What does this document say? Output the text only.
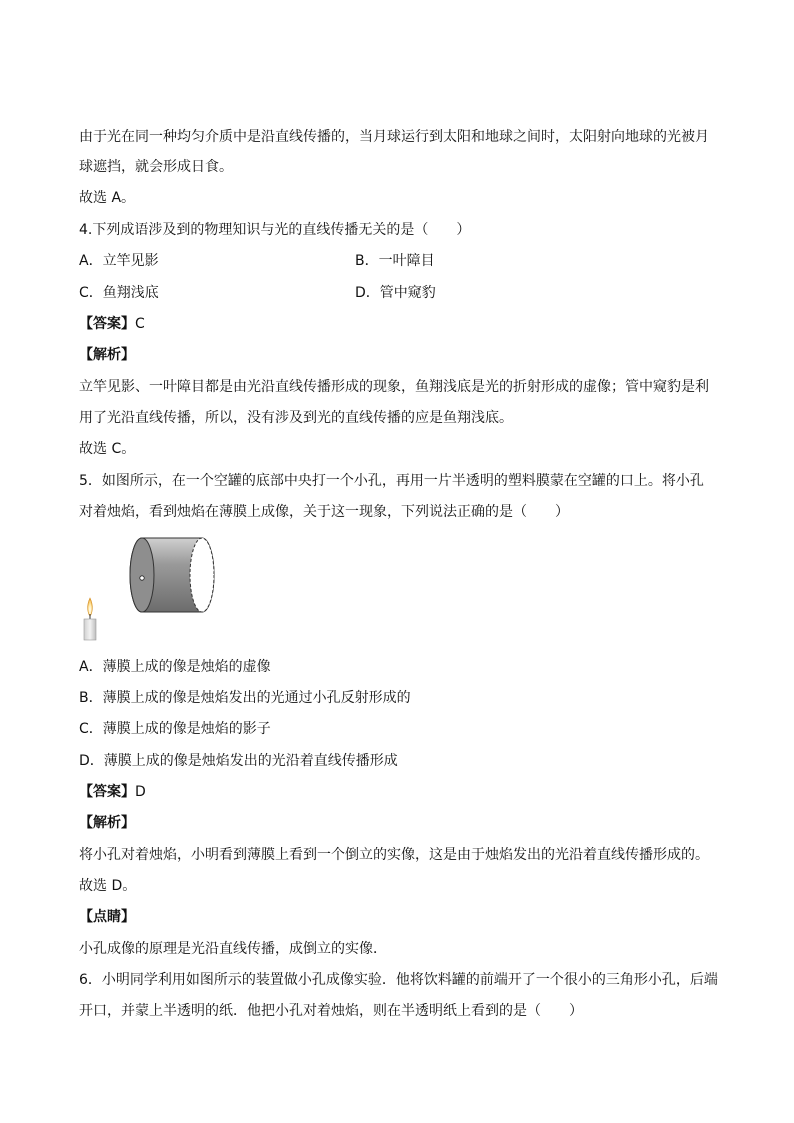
由于光在同一种均匀介质中是沿直线传播的，当月球运行到太阳和地球之间时，太阳射向地球的光被月
球遮挡，就会形成日食。
故选 A。
4.下列成语涉及到的物理知识与光的直线传播无关的是（　　）
A．立竿见影	B．一叶障目
C．鱼翔浅底	D．管中窥豹
【答案】C
【解析】
立竿见影、一叶障目都是由光沿直线传播形成的现象，鱼翔浅底是光的折射形成的虚像；管中窥豹是利
用了光沿直线传播，所以，没有涉及到光的直线传播的应是鱼翔浅底。
故选 C。
5．如图所示，在一个空罐的底部中央打一个小孔，再用一片半透明的塑料膜蒙在空罐的口上。将小孔
对着烛焰，看到烛焰在薄膜上成像，关于这一现象，下列说法正确的是（　　）
A．薄膜上成的像是烛焰的虚像
B．薄膜上成的像是烛焰发出的光通过小孔反射形成的
C．薄膜上成的像是烛焰的影子
D．薄膜上成的像是烛焰发出的光沿着直线传播形成
【答案】D
【解析】
将小孔对着烛焰，小明看到薄膜上看到一个倒立的实像，这是由于烛焰发出的光沿着直线传播形成的。
故选 D。
【点睛】
小孔成像的原理是光沿直线传播，成倒立的实像．
6．小明同学利用如图所示的装置做小孔成像实验．他将饮料罐的前端开了一个很小的三角形小孔，后端
开口，并蒙上半透明的纸．他把小孔对着烛焰，则在半透明纸上看到的是（　　）
